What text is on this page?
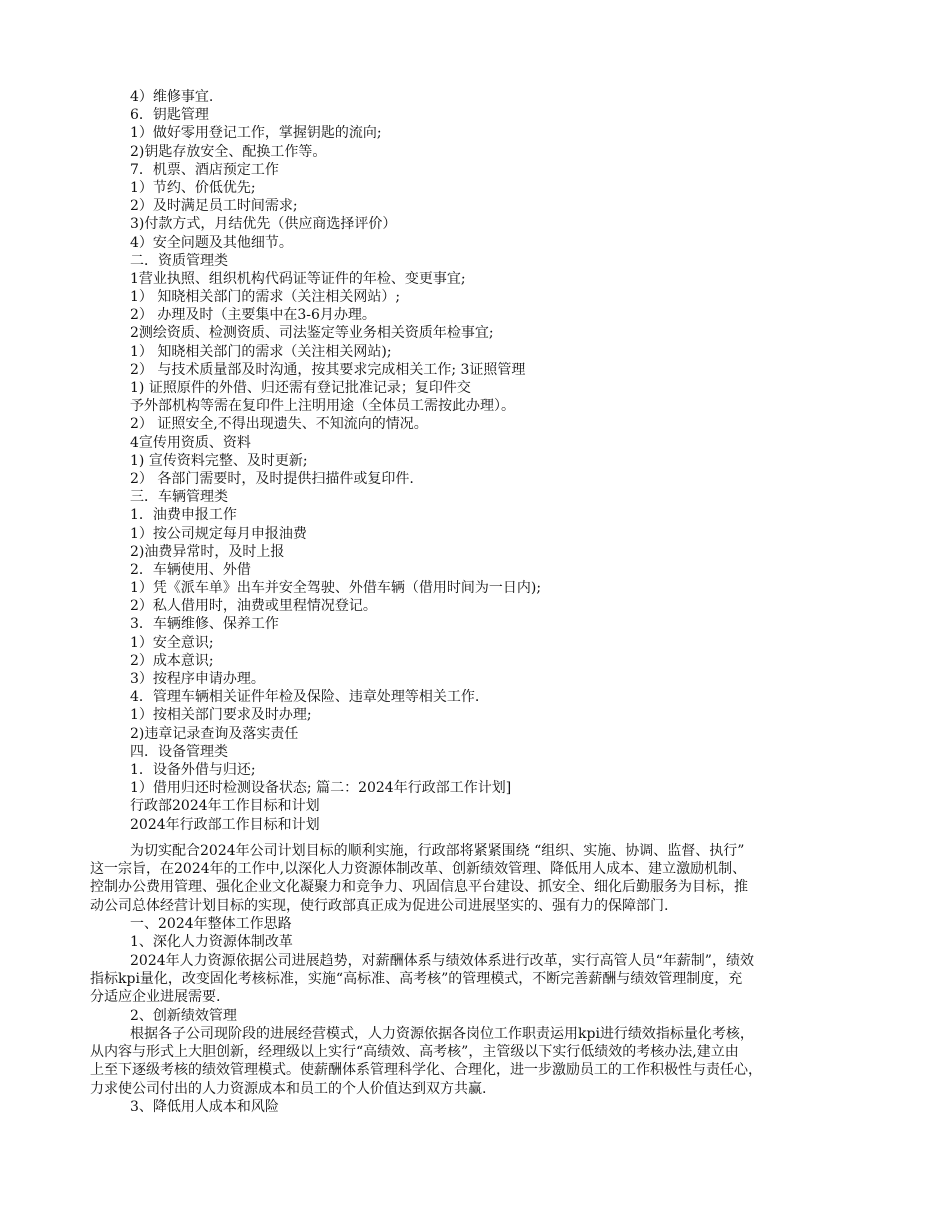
4）维修事宜.
6．钥匙管理
1）做好零用登记工作，掌握钥匙的流向;
2)钥匙存放安全、配换工作等。
7．机票、酒店预定工作
1）节约、价低优先;
2）及时满足员工时间需求;
3)付款方式，月结优先（供应商选择评价）
4）安全问题及其他细节。
二．资质管理类
1营业执照、组织机构代码证等证件的年检、变更事宜;
1） 知晓相关部门的需求（关注相关网站）;
2） 办理及时（主要集中在3-6月办理。
2测绘资质、检测资质、司法鉴定等业务相关资质年检事宜;
1） 知晓相关部门的需求（关注相关网站);
2） 与技术质量部及时沟通，按其要求完成相关工作; 3证照管理
1) 证照原件的外借、归还需有登记批准记录；复印件交
予外部机构等需在复印件上注明用途（全体员工需按此办理）。
2） 证照安全,不得出现遗失、不知流向的情况。
4宣传用资质、资料
1) 宣传资料完整、及时更新;
2） 各部门需要时，及时提供扫描件或复印件.
三．车辆管理类
1．油费申报工作
1）按公司规定每月申报油费
2)油费异常时，及时上报
2．车辆使用、外借
1）凭《派车单》出车并安全驾驶、外借车辆（借用时间为一日内);
2）私人借用时，油费或里程情况登记。
3．车辆维修、保养工作
1）安全意识;
2）成本意识;
3）按程序申请办理。
4．管理车辆相关证件年检及保险、违章处理等相关工作.
1）按相关部门要求及时办理;
2)违章记录查询及落实责任
四．设备管理类
1．设备外借与归还;
1）借用归还时检测设备状态; 篇二：2024年行政部工作计划]
行政部2024年工作目标和计划
2024年行政部工作目标和计划
为切实配合2024年公司计划目标的顺利实施，行政部将紧紧围绕 “组织、实施、协调、监督、执行”
这一宗旨，在2024年的工作中,以深化人力资源体制改革、创新绩效管理、降低用人成本、建立激励机制、
控制办公费用管理、强化企业文化凝聚力和竞争力、巩固信息平台建设、抓安全、细化后勤服务为目标，推
动公司总体经营计划目标的实现，使行政部真正成为促进公司进展坚实的、强有力的保障部门.
一、2024年整体工作思路
1、深化人力资源体制改革
2024年人力资源依据公司进展趋势，对薪酬体系与绩效体系进行改革，实行高管人员“年薪制”，绩效
指标kpi量化，改变固化考核标准，实施“高标准、高考核”的管理模式，不断完善薪酬与绩效管理制度，充
分适应企业进展需要.
2、创新绩效管理
根据各子公司现阶段的进展经营模式，人力资源依据各岗位工作职责运用kpi进行绩效指标量化考核，
从内容与形式上大胆创新，经理级以上实行“高绩效、高考核”，主管级以下实行低绩效的考核办法,建立由
上至下逐级考核的绩效管理模式。使薪酬体系管理科学化、合理化，进一步激励员工的工作积极性与责任心，
力求使公司付出的人力资源成本和员工的个人价值达到双方共赢.
3、降低用人成本和风险
